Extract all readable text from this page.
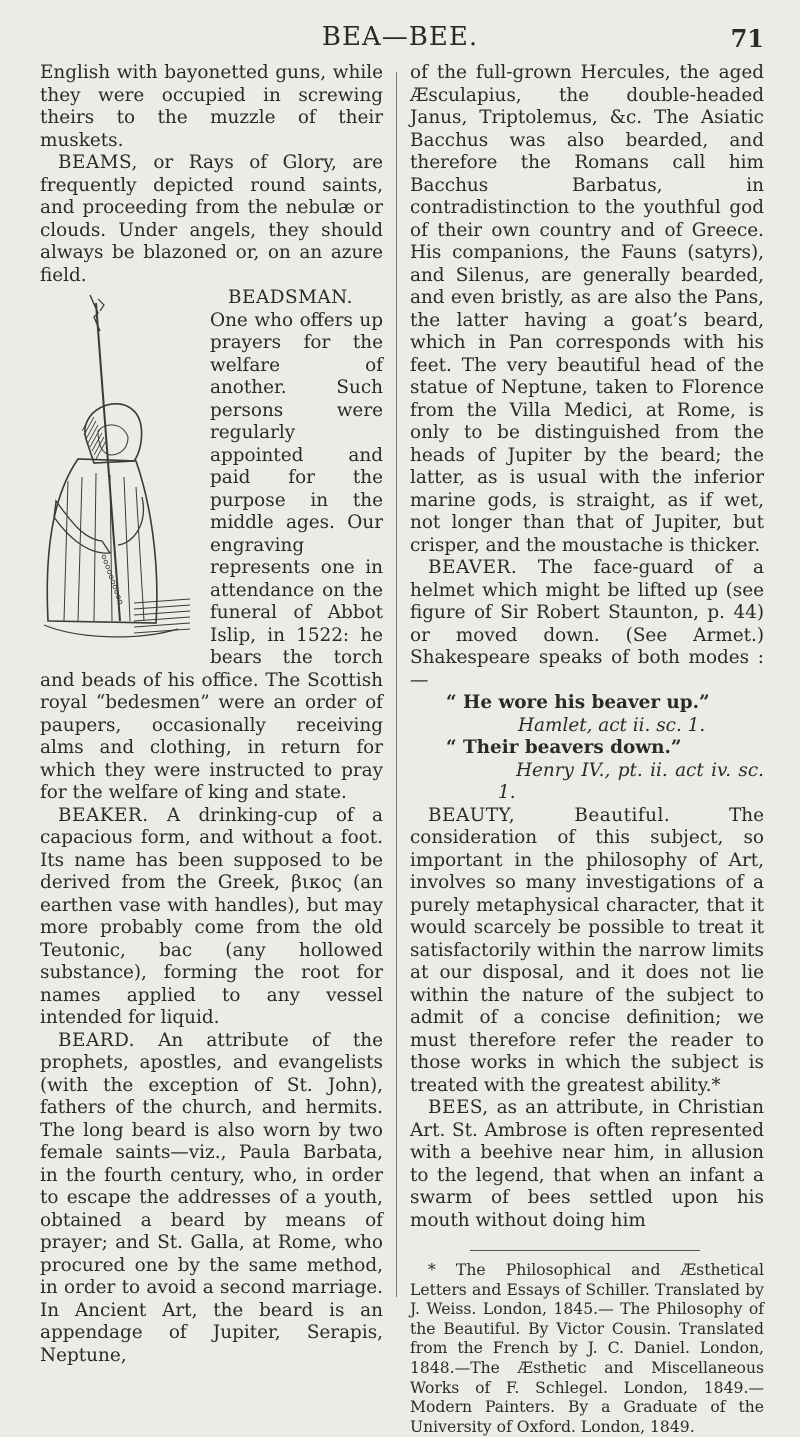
BEA—BEE.	71

English with bayonetted guns, while they were occupied in screwing theirs to the muzzle of their muskets.

BEAMS, or Rays of Glory, are frequently depicted round saints, and proceeding from the nebulæ or clouds. Under angels, they should always be blazoned or, on an azure field.

BEADSMAN. One who offers up prayers for the welfare of another. Such persons were regularly appointed and paid for the purpose in the middle ages. Our engraving represents one in attendance on the funeral of Abbot Islip, in 1522: he bears the torch and beads of his office. The Scottish royal “bedesmen” were an order of paupers, occasionally receiving alms and clothing, in return for which they were instructed to pray for the welfare of king and state.

BEAKER. A drinking-cup of a capacious form, and without a foot. Its name has been supposed to be derived from the Greek, βικος (an earthen vase with handles), but may more probably come from the old Teutonic, bac (any hollowed substance), forming the root for names applied to any vessel intended for liquid.

BEARD. An attribute of the prophets, apostles, and evangelists (with the exception of St. John), fathers of the church, and hermits. The long beard is also worn by two female saints—viz., Paula Barbata, in the fourth century, who, in order to escape the addresses of a youth, obtained a beard by means of prayer; and St. Galla, at Rome, who procured one by the same method, in order to avoid a second marriage. In Ancient Art, the beard is an appendage of Jupiter, Serapis, Neptune,

of the full-grown Hercules, the aged Æsculapius, the double-headed Janus, Triptolemus, &c. The Asiatic Bacchus was also bearded, and therefore the Romans call him Bacchus Barbatus, in contradistinction to the youthful god of their own country and of Greece. His companions, the Fauns (satyrs), and Silenus, are generally bearded, and even bristly, as are also the Pans, the latter having a goat’s beard, which in Pan corresponds with his feet. The very beautiful head of the statue of Neptune, taken to Florence from the Villa Medici, at Rome, is only to be distinguished from the heads of Jupiter by the beard; the latter, as is usual with the inferior marine gods, is straight, as if wet, not longer than that of Jupiter, but crisper, and the moustache is thicker.

BEAVER. The face-guard of a helmet which might be lifted up (see figure of Sir Robert Staunton, p. 44) or moved down. (See Armet.) Shakespeare speaks of both modes :—

“ He wore his beaver up.”

Hamlet, act ii. sc. 1.

“ Their beavers down.”

Henry IV., pt. ii. act iv. sc. 1.

BEAUTY, Beautiful. The consideration of this subject, so important in the philosophy of Art, involves so many investigations of a purely metaphysical character, that it would scarcely be possible to treat it satisfactorily within the narrow limits at our disposal, and it does not lie within the nature of the subject to admit of a concise definition; we must therefore refer the reader to those works in which the subject is treated with the greatest ability.*

BEES, as an attribute, in Christian Art. St. Ambrose is often represented with a beehive near him, in allusion to the legend, that when an infant a swarm of bees settled upon his mouth without doing him

* The Philosophical and Æsthetical Letters and Essays of Schiller. Translated by J. Weiss. London, 1845.— The Philosophy of the Beautiful. By Victor Cousin. Translated from the French by J. C. Daniel. London, 1848.—The Æsthetic and Miscellaneous Works of F. Schlegel. London, 1849.—Modern Painters. By a Graduate of the University of Oxford. London, 1849.
